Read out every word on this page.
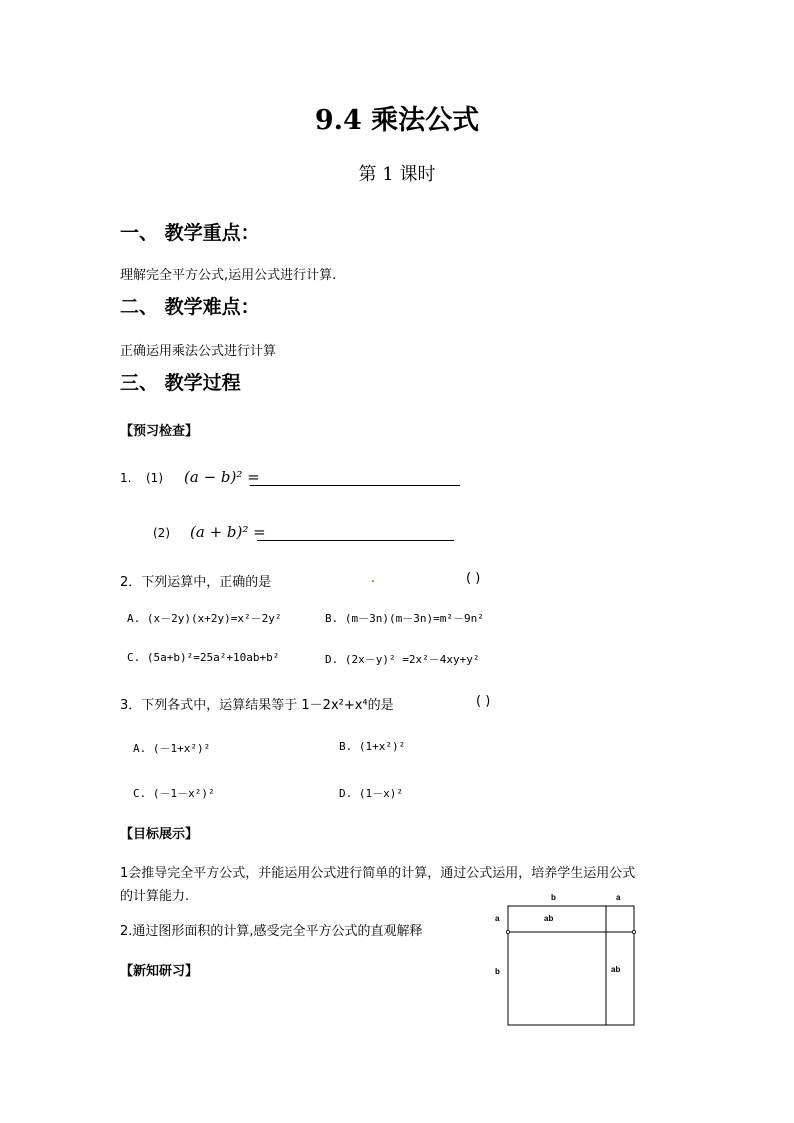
9.4 乘法公式
第 1 课时
一、 教学重点：
理解完全平方公式,运用公式进行计算.
二、 教学难点：
正确运用乘法公式进行计算
三、 教学过程
【预习检查】
1. (1) (a − b)² =
(2) (a + b)² =
2．下列运算中，正确的是	( )
A. (x－2y)(x+2y)=x²－2y²	B. (m－3n)(m－3n)=m²－9n²
C. (5a+b)²=25a²+10ab+b²	D. (2x－y)² =2x²－4xy+y²
3．下列各式中，运算结果等于 1－2x²+x⁴的是	( )
A. (－1+x²)²	B. (1+x²)²
C. (－1－x²)²	D. (1－x)²
【目标展示】
1会推导完全平方公式，并能运用公式进行简单的计算，通过公式运用，培养学生运用公式
的计算能力.
2.通过图形面积的计算,感受完全平方公式的直观解释
【新知研习】
b	a
a
b
ab
ab
